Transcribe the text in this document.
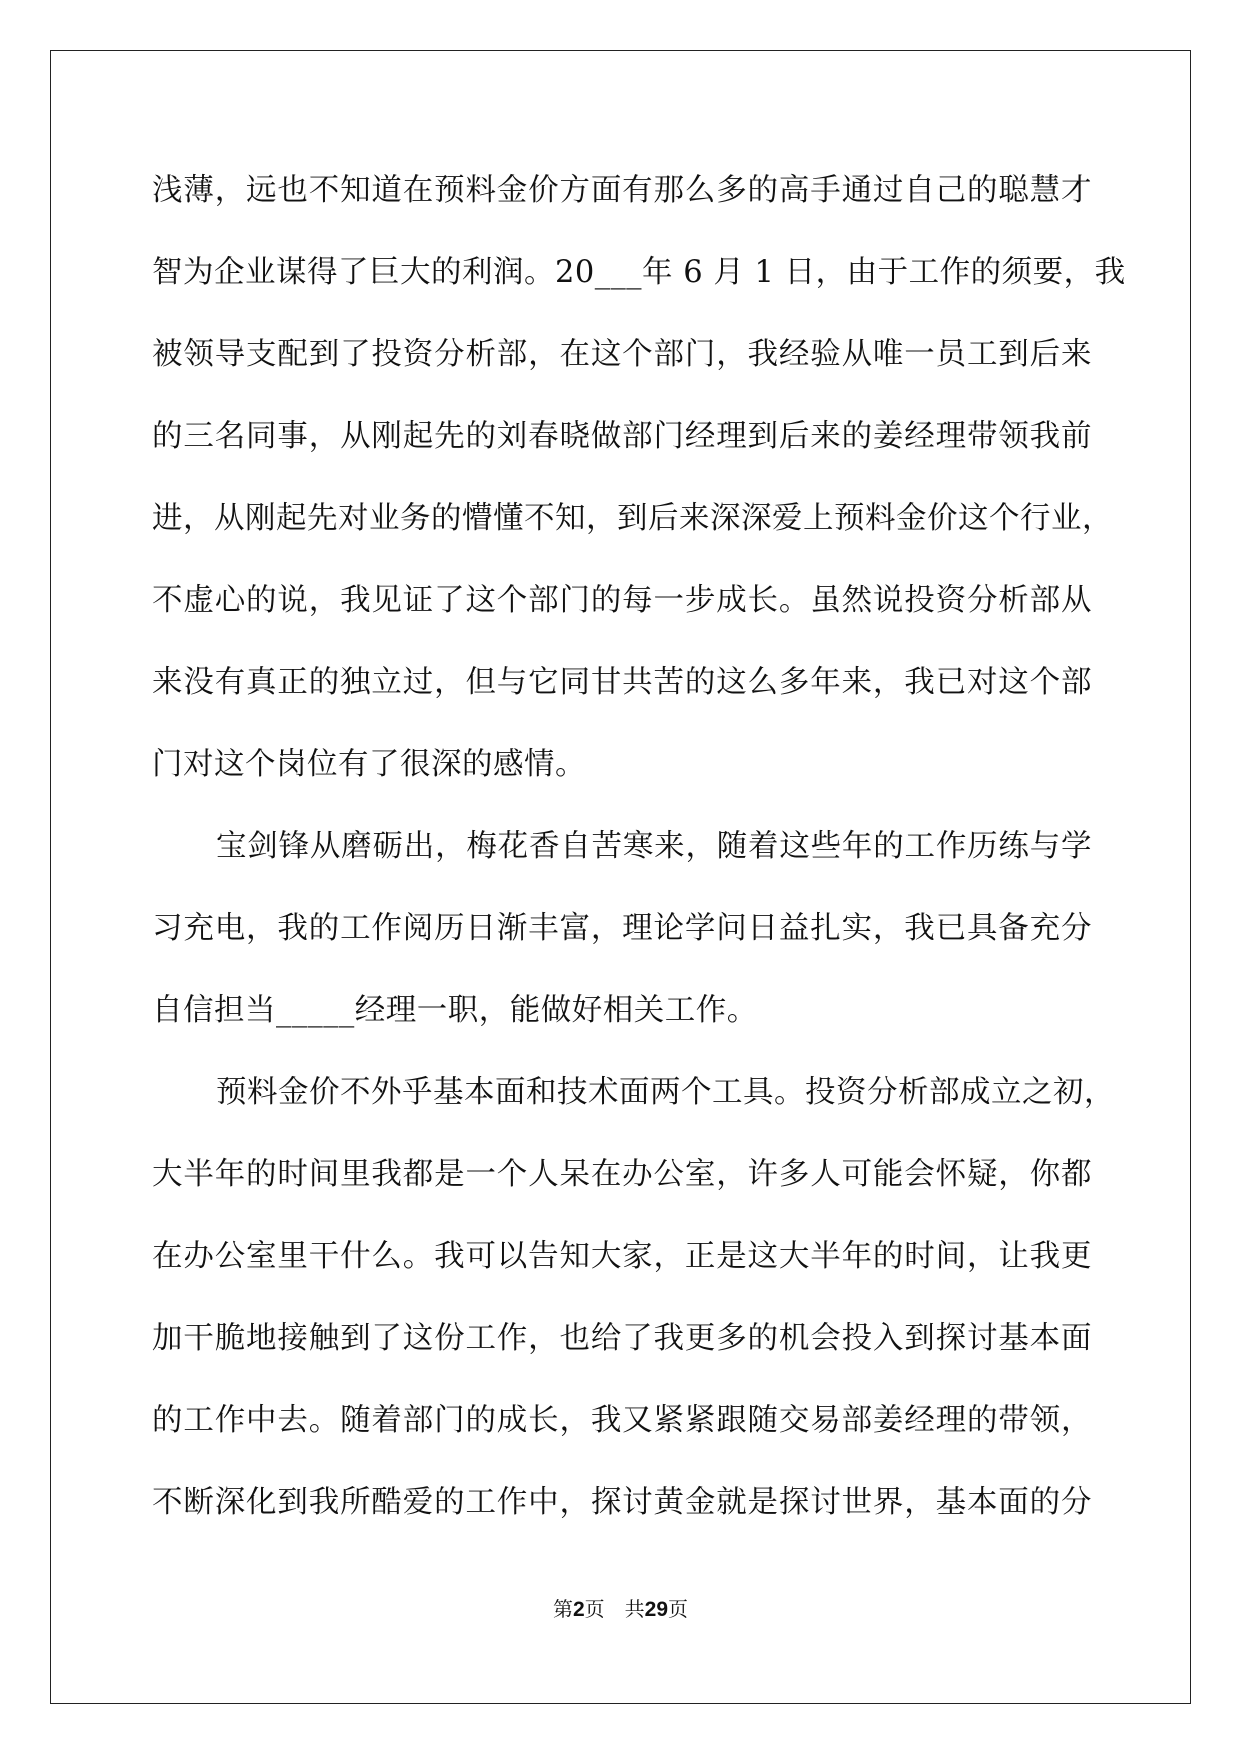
浅薄，远也不知道在预料金价方面有那么多的高手通过自己的聪慧才
智为企业谋得了巨大的利润。20___年 6 月 1 日，由于工作的须要，我
被领导支配到了投资分析部，在这个部门，我经验从唯一员工到后来
的三名同事，从刚起先的刘春晓做部门经理到后来的姜经理带领我前
进，从刚起先对业务的懵懂不知，到后来深深爱上预料金价这个行业，
不虚心的说，我见证了这个部门的每一步成长。虽然说投资分析部从
来没有真正的独立过，但与它同甘共苦的这么多年来，我已对这个部
门对这个岗位有了很深的感情。
宝剑锋从磨砺出，梅花香自苦寒来，随着这些年的工作历练与学
习充电，我的工作阅历日渐丰富，理论学问日益扎实，我已具备充分
自信担当_____经理一职，能做好相关工作。
预料金价不外乎基本面和技术面两个工具。投资分析部成立之初，
大半年的时间里我都是一个人呆在办公室，许多人可能会怀疑，你都
在办公室里干什么。我可以告知大家，正是这大半年的时间，让我更
加干脆地接触到了这份工作，也给了我更多的机会投入到探讨基本面
的工作中去。随着部门的成长，我又紧紧跟随交易部姜经理的带领，
不断深化到我所酷爱的工作中，探讨黄金就是探讨世界，基本面的分
第2页 共29页
